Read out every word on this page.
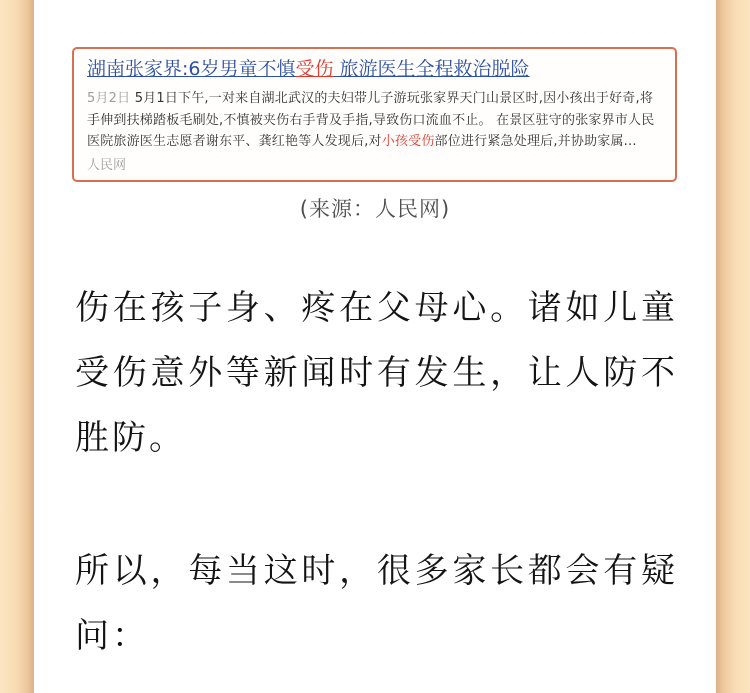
湖南张家界:6岁男童不慎受伤 旅游医生全程救治脱险
5月2日 5月1日下午,一对来自湖北武汉的夫妇带儿子游玩张家界天门山景区时,因小孩出于好奇,将手伸到扶梯踏板毛刷处,不慎被夹伤右手背及手指,导致伤口流血不止。 在景区驻守的张家界市人民医院旅游医生志愿者谢东平、龚红艳等人发现后,对小孩受伤部位进行紧急处理后,并协助家属...
人民网
(来源：人民网)
伤在孩子身、疼在父母心。诸如儿童受伤意外等新闻时有发生，让人防不胜防。
所以，每当这时，很多家长都会有疑问：
